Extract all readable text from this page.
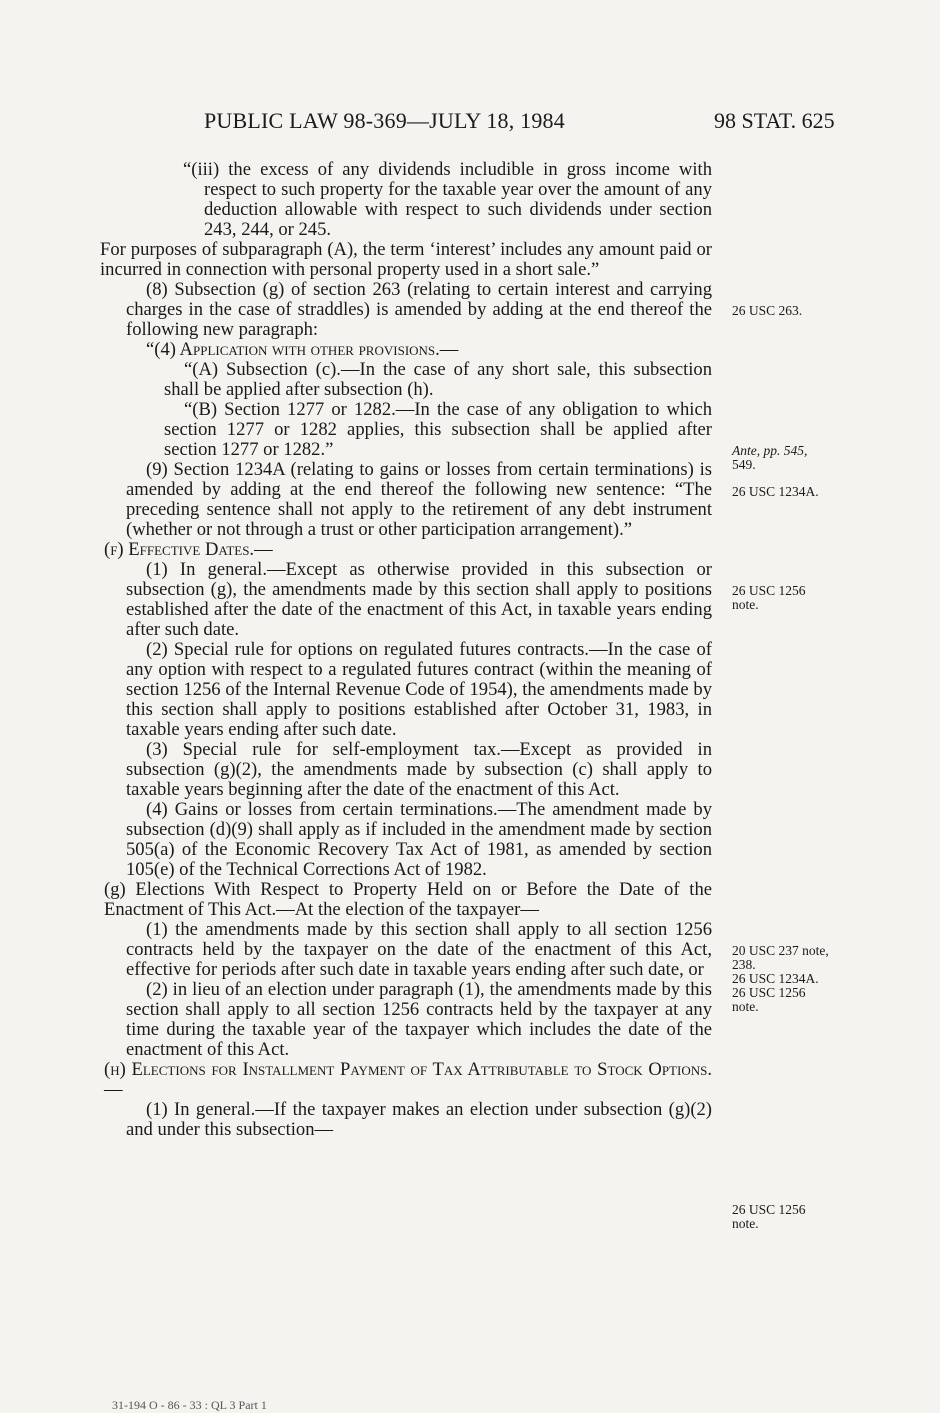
PUBLIC LAW 98-369—JULY 18, 1984	98 STAT. 625

“(iii) the excess of any dividends includible in gross income with respect to such property for the taxable year over the amount of any deduction allowable with respect to such dividends under section 243, 244, or 245.

For purposes of subparagraph (A), the term ‘interest’ includes any amount paid or incurred in connection with personal property used in a short sale.”

(8) Subsection (g) of section 263 (relating to certain interest and carrying charges in the case of straddles) is amended by adding at the end thereof the following new paragraph:

“(4) Application with other provisions.—

“(A) Subsection (c).—In the case of any short sale, this subsection shall be applied after subsection (h).

“(B) Section 1277 or 1282.—In the case of any obligation to which section 1277 or 1282 applies, this subsection shall be applied after section 1277 or 1282.”

(9) Section 1234A (relating to gains or losses from certain terminations) is amended by adding at the end thereof the following new sentence: “The preceding sentence shall not apply to the retirement of any debt instrument (whether or not through a trust or other participation arrangement).”

(f) Effective Dates.—

(1) In general.—Except as otherwise provided in this subsection or subsection (g), the amendments made by this section shall apply to positions established after the date of the enactment of this Act, in taxable years ending after such date.

(2) Special rule for options on regulated futures contracts.—In the case of any option with respect to a regulated futures contract (within the meaning of section 1256 of the Internal Revenue Code of 1954), the amendments made by this section shall apply to positions established after October 31, 1983, in taxable years ending after such date.

(3) Special rule for self-employment tax.—Except as provided in subsection (g)(2), the amendments made by subsection (c) shall apply to taxable years beginning after the date of the enactment of this Act.

(4) Gains or losses from certain terminations.—The amendment made by subsection (d)(9) shall apply as if included in the amendment made by section 505(a) of the Economic Recovery Tax Act of 1981, as amended by section 105(e) of the Technical Corrections Act of 1982.

(g) Elections With Respect to Property Held on or Before the Date of the Enactment of This Act.—At the election of the taxpayer—

(1) the amendments made by this section shall apply to all section 1256 contracts held by the taxpayer on the date of the enactment of this Act, effective for periods after such date in taxable years ending after such date, or

(2) in lieu of an election under paragraph (1), the amendments made by this section shall apply to all section 1256 contracts held by the taxpayer at any time during the taxable year of the taxpayer which includes the date of the enactment of this Act.

(h) Elections for Installment Payment of Tax Attributable to Stock Options.—

(1) In general.—If the taxpayer makes an election under subsection (g)(2) and under this subsection—

26 USC 263.
Ante, pp. 545,
549.
26 USC 1234A.
26 USC 1256
note.
20 USC 237 note,
238.
26 USC 1234A.
26 USC 1256
note.
26 USC 1256
note.
31-194 O - 86 - 33 : QL 3 Part 1
